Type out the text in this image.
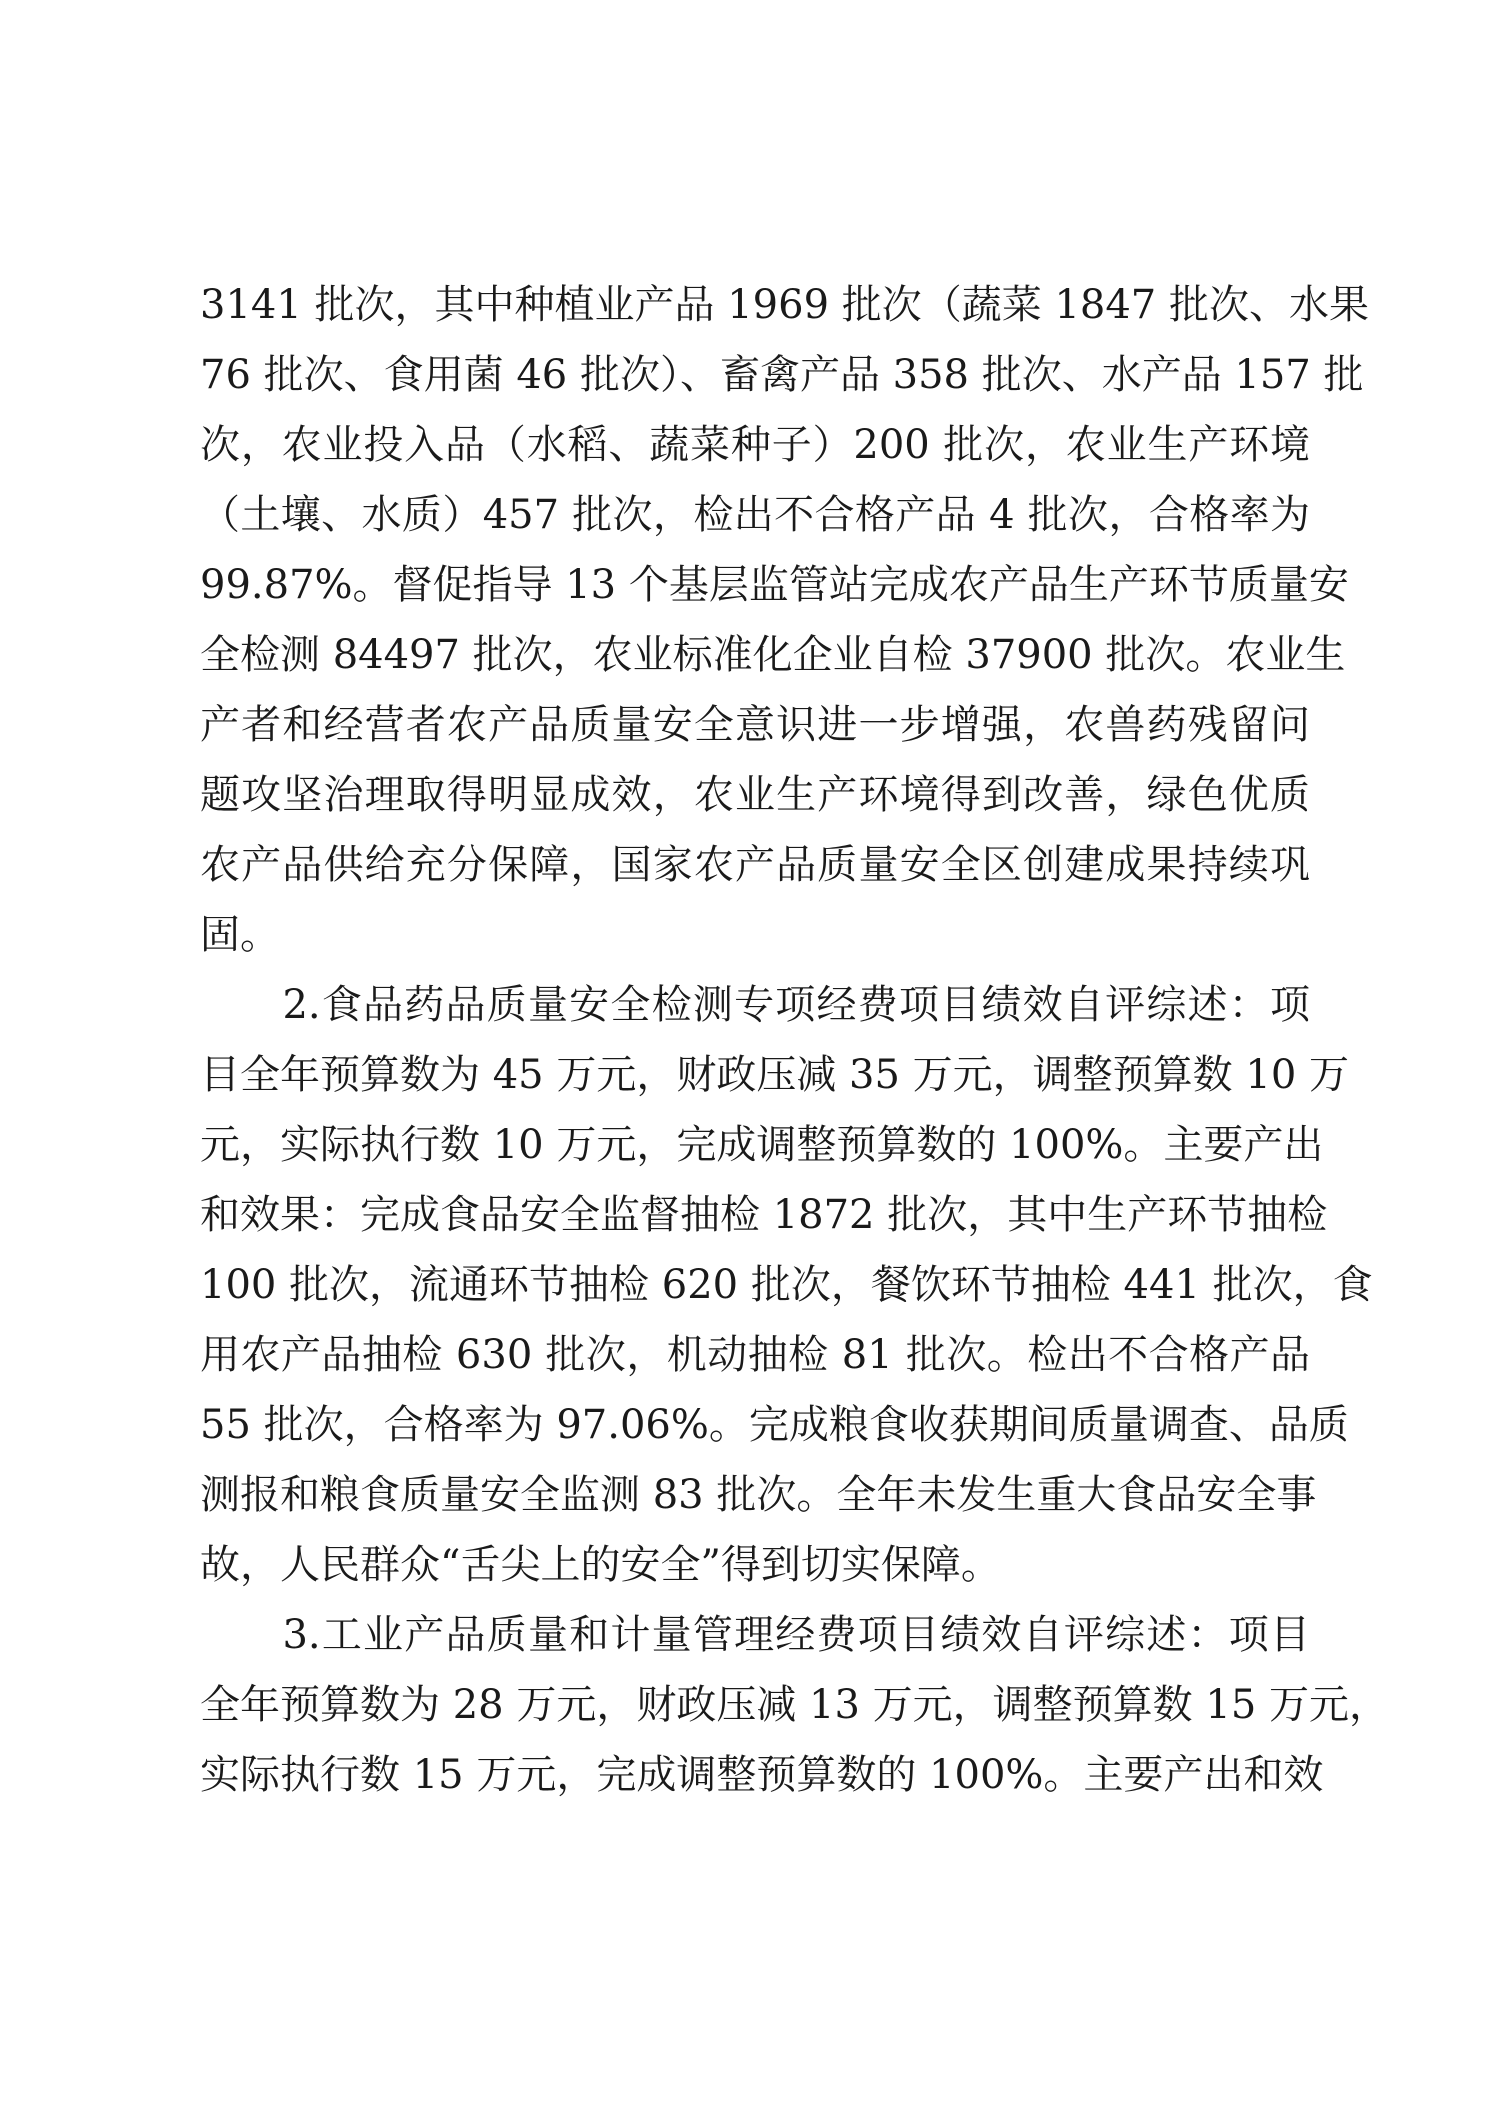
3141 批次，其中种植业产品 1969 批次（蔬菜 1847 批次、水果
76 批次、食用菌 46 批次）、畜禽产品 358 批次、水产品 157 批
次，农业投入品（水稻、蔬菜种子）200 批次，农业生产环境
（土壤、水质）457 批次，检出不合格产品 4 批次，合格率为
99.87%。督促指导 13 个基层监管站完成农产品生产环节质量安
全检测 84497 批次，农业标准化企业自检 37900 批次。农业生
产者和经营者农产品质量安全意识进一步增强，农兽药残留问
题攻坚治理取得明显成效，农业生产环境得到改善，绿色优质
农产品供给充分保障，国家农产品质量安全区创建成果持续巩
固。
　　2.食品药品质量安全检测专项经费项目绩效自评综述：项
目全年预算数为 45 万元，财政压减 35 万元，调整预算数 10 万
元，实际执行数 10 万元，完成调整预算数的 100%。主要产出
和效果：完成食品安全监督抽检 1872 批次，其中生产环节抽检
100 批次，流通环节抽检 620 批次，餐饮环节抽检 441 批次，食
用农产品抽检 630 批次，机动抽检 81 批次。检出不合格产品
55 批次，合格率为 97.06%。完成粮食收获期间质量调查、品质
测报和粮食质量安全监测 83 批次。全年未发生重大食品安全事
故，人民群众“舌尖上的安全”得到切实保障。
　　3.工业产品质量和计量管理经费项目绩效自评综述：项目
全年预算数为 28 万元，财政压减 13 万元，调整预算数 15 万元，
实际执行数 15 万元，完成调整预算数的 100%。主要产出和效
